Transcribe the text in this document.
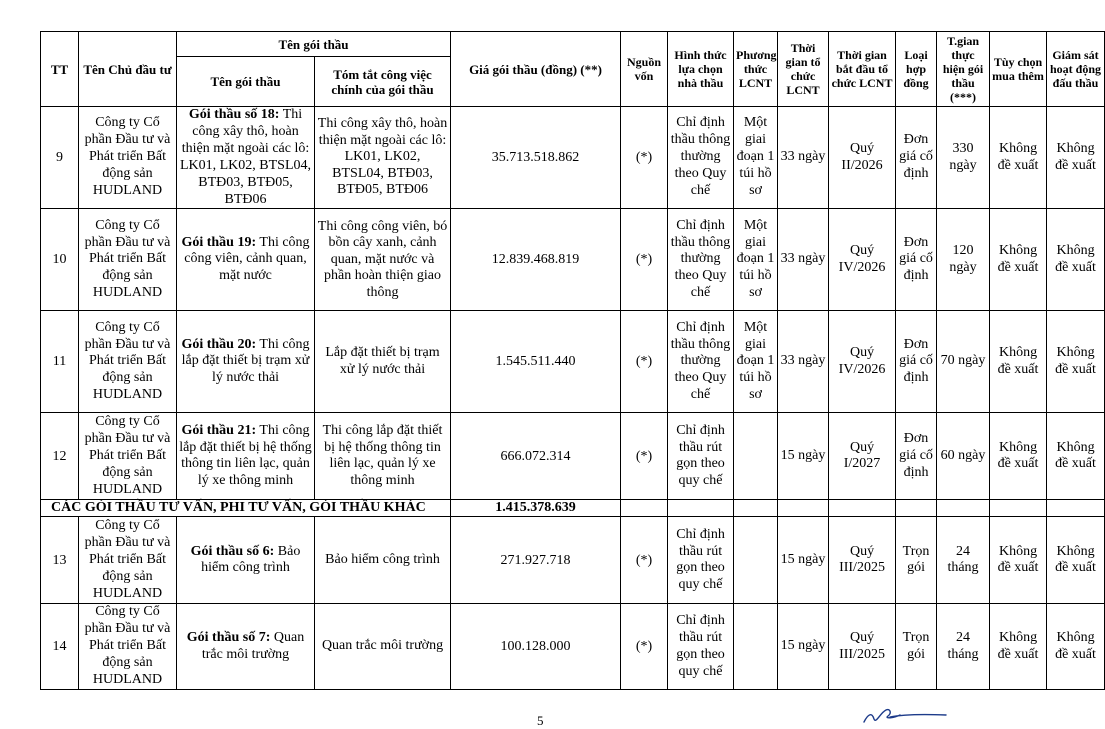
TT	Tên Chủ đầu tư	Tên gói thầu		Giá gói thầu (đồng) (**)	Nguồn vốn	Hình thức lựa chọn nhà thầu	Phương thức LCNT	Thời gian tổ chức LCNT	Thời gian bắt đầu tổ chức LCNT	Loại hợp đồng	T.gian thực hiện gói thầu (***)	Tùy chọn mua thêm	Giám sát hoạt động đấu thầu
		Tên gói thầu	Tóm tắt công việc chính của gói thầu										
9	Công ty Cổ phần Đầu tư và Phát triển Bất động sản HUDLAND	Gói thầu số 18: Thi công xây thô, hoàn thiện mặt ngoài các lô: LK01, LK02, BTSL04, BTĐ03, BTĐ05, BTĐ06	Thi công xây thô, hoàn thiện mặt ngoài các lô: LK01, LK02, BTSL04, BTĐ03, BTĐ05, BTĐ06	35.713.518.862	(*)	Chỉ định thầu thông thường theo Quy chế	Một giai đoạn 1 túi hồ sơ	33 ngày	Quý II/2026	Đơn giá cố định	330 ngày	Không đề xuất	Không đề xuất
10	Công ty Cổ phần Đầu tư và Phát triển Bất động sản HUDLAND	Gói thầu 19: Thi công công viên, cảnh quan, mặt nước	Thi công công viên, bó bồn cây xanh, cảnh quan, mặt nước và phần hoàn thiện giao thông	12.839.468.819	(*)	Chỉ định thầu thông thường theo Quy chế	Một giai đoạn 1 túi hồ sơ	33 ngày	Quý IV/2026	Đơn giá cố định	120 ngày	Không đề xuất	Không đề xuất
11	Công ty Cổ phần Đầu tư và Phát triển Bất động sản HUDLAND	Gói thầu 20: Thi công lắp đặt thiết bị trạm xử lý nước thải	Lắp đặt thiết bị trạm xử lý nước thải	1.545.511.440	(*)	Chỉ định thầu thông thường theo Quy chế	Một giai đoạn 1 túi hồ sơ	33 ngày	Quý IV/2026	Đơn giá cố định	70 ngày	Không đề xuất	Không đề xuất
12	Công ty Cổ phần Đầu tư và Phát triển Bất động sản HUDLAND	Gói thầu 21: Thi công lắp đặt thiết bị hệ thống thông tin liên lạc, quản lý xe thông minh	Thi công lắp đặt thiết bị hệ thống thông tin liên lạc, quản lý xe thông minh	666.072.314	(*)	Chỉ định thầu rút gọn theo quy chế		15 ngày	Quý I/2027	Đơn giá cố định	60 ngày	Không đề xuất	Không đề xuất
CÁC GÓI THẦU TƯ VẤN, PHI TƯ VẤN, GÓI THẦU KHÁC				1.415.378.639									
13	Công ty Cổ phần Đầu tư và Phát triển Bất động sản HUDLAND	Gói thầu số 6: Bảo hiểm công trình	Bảo hiểm công trình	271.927.718	(*)	Chỉ định thầu rút gọn theo quy chế		15 ngày	Quý III/2025	Trọn gói	24 tháng	Không đề xuất	Không đề xuất
14	Công ty Cổ phần Đầu tư và Phát triển Bất động sản HUDLAND	Gói thầu số 7: Quan trắc môi trường	Quan trắc môi trường	100.128.000	(*)	Chỉ định thầu rút gọn theo quy chế		15 ngày	Quý III/2025	Trọn gói	24 tháng	Không đề xuất	Không đề xuất
5
